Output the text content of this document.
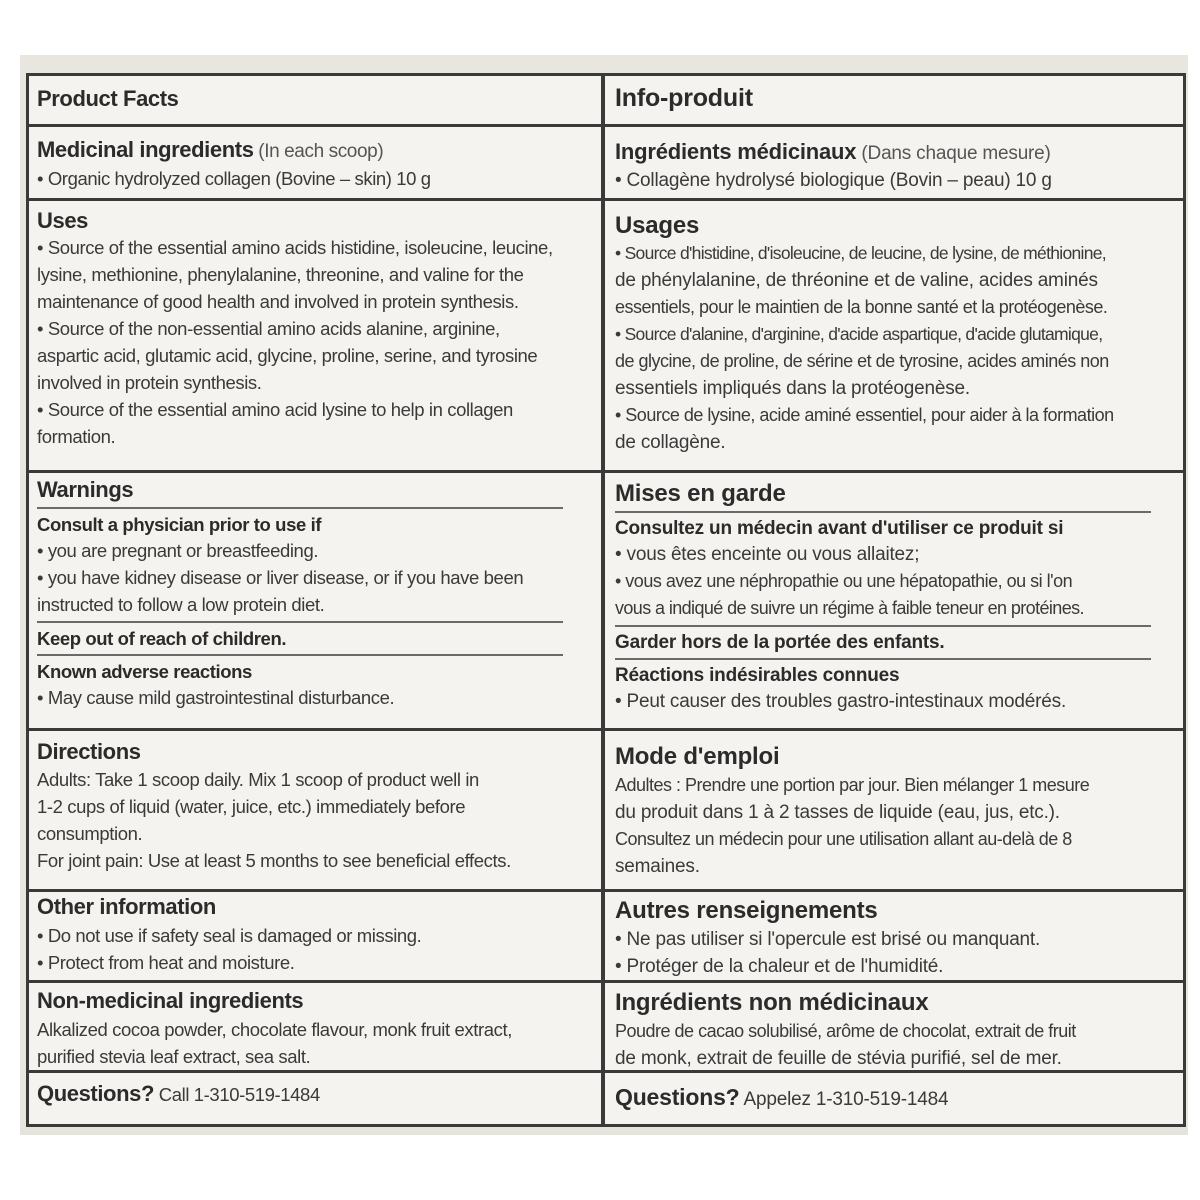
Product Facts
Medicinal ingredients (In each scoop)
• Organic hydrolyzed collagen (Bovine – skin) 10 g
Uses
• Source of the essential amino acids histidine, isoleucine, leucine,
lysine, methionine, phenylalanine, threonine, and valine for the
maintenance of good health and involved in protein synthesis.
• Source of the non-essential amino acids alanine, arginine,
aspartic acid, glutamic acid, glycine, proline, serine, and tyrosine
involved in protein synthesis.
• Source of the essential amino acid lysine to help in collagen
formation.
Warnings
Consult a physician prior to use if
• you are pregnant or breastfeeding.
• you have kidney disease or liver disease, or if you have been
instructed to follow a low protein diet.
Keep out of reach of children.
Known adverse reactions
• May cause mild gastrointestinal disturbance.
Directions
Adults: Take 1 scoop daily. Mix 1 scoop of product well in
1-2 cups of liquid (water, juice, etc.) immediately before
consumption.
For joint pain: Use at least 5 months to see beneficial effects.
Other information
• Do not use if safety seal is damaged or missing.
• Protect from heat and moisture.
Non-medicinal ingredients
Alkalized cocoa powder, chocolate flavour, monk fruit extract,
purified stevia leaf extract, sea salt.
Questions? Call 1-310-519-1484
Info-produit
Ingrédients médicinaux (Dans chaque mesure)
• Collagène hydrolysé biologique (Bovin – peau) 10 g
Usages
• Source d'histidine, d'isoleucine, de leucine, de lysine, de méthionine,
de phénylalanine, de thréonine et de valine, acides aminés
essentiels, pour le maintien de la bonne santé et la protéogenèse.
• Source d'alanine, d'arginine, d'acide aspartique, d'acide glutamique,
de glycine, de proline, de sérine et de tyrosine, acides aminés non
essentiels impliqués dans la protéogenèse.
• Source de lysine, acide aminé essentiel, pour aider à la formation
de collagène.
Mises en garde
Consultez un médecin avant d'utiliser ce produit si
• vous êtes enceinte ou vous allaitez;
• vous avez une néphropathie ou une hépatopathie, ou si l'on
vous a indiqué de suivre un régime à faible teneur en protéines.
Garder hors de la portée des enfants.
Réactions indésirables connues
• Peut causer des troubles gastro-intestinaux modérés.
Mode d'emploi
Adultes : Prendre une portion par jour. Bien mélanger 1 mesure
du produit dans 1 à 2 tasses de liquide (eau, jus, etc.).
Consultez un médecin pour une utilisation allant au-delà de 8
semaines.
Autres renseignements
• Ne pas utiliser si l'opercule est brisé ou manquant.
• Protéger de la chaleur et de l'humidité.
Ingrédients non médicinaux
Poudre de cacao solubilisé, arôme de chocolat, extrait de fruit
de monk, extrait de feuille de stévia purifié, sel de mer.
Questions? Appelez 1-310-519-1484
